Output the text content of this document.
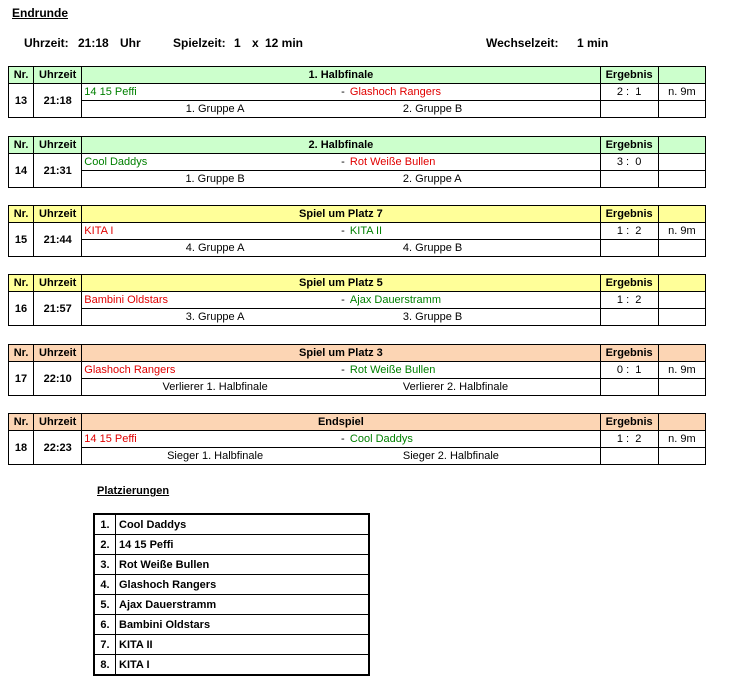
Endrunde
Uhrzeit: 21:18 Uhr	Spielzeit: 1 x 12 min	Wechselzeit: 1 min
Nr.	Uhrzeit	1. Halbfinale			Ergebnis	
13	21:18	14 15 Peffi	-	Glashoch Rangers	2 :  1	n. 9m
		1. Gruppe A		2. Gruppe B		
Nr.	Uhrzeit	2. Halbfinale			Ergebnis	
14	21:31	Cool Daddys	-	Rot Weiße Bullen	3 :  0	
		1. Gruppe B		2. Gruppe A		
Nr.	Uhrzeit	Spiel um Platz 7			Ergebnis	
15	21:44	KITA I	-	KITA II	1 :  2	n. 9m
		4. Gruppe A		4. Gruppe B		
Nr.	Uhrzeit	Spiel um Platz 5			Ergebnis	
16	21:57	Bambini Oldstars	-	Ajax Dauerstramm	1 :  2	
		3. Gruppe A		3. Gruppe B		
Nr.	Uhrzeit	Spiel um Platz 3			Ergebnis	
17	22:10	Glashoch Rangers	-	Rot Weiße Bullen	0 :  1	n. 9m
		Verlierer 1. Halbfinale		Verlierer 2. Halbfinale		
Nr.	Uhrzeit	Endspiel			Ergebnis	
18	22:23	14 15 Peffi	-	Cool Daddys	1 :  2	n. 9m
		Sieger 1. Halbfinale		Sieger 2. Halbfinale		
Platzierungen
1.	Cool Daddys
2.	14 15 Peffi
3.	Rot Weiße Bullen
4.	Glashoch Rangers
5.	Ajax Dauerstramm
6.	Bambini Oldstars
7.	KITA II
8.	KITA I
